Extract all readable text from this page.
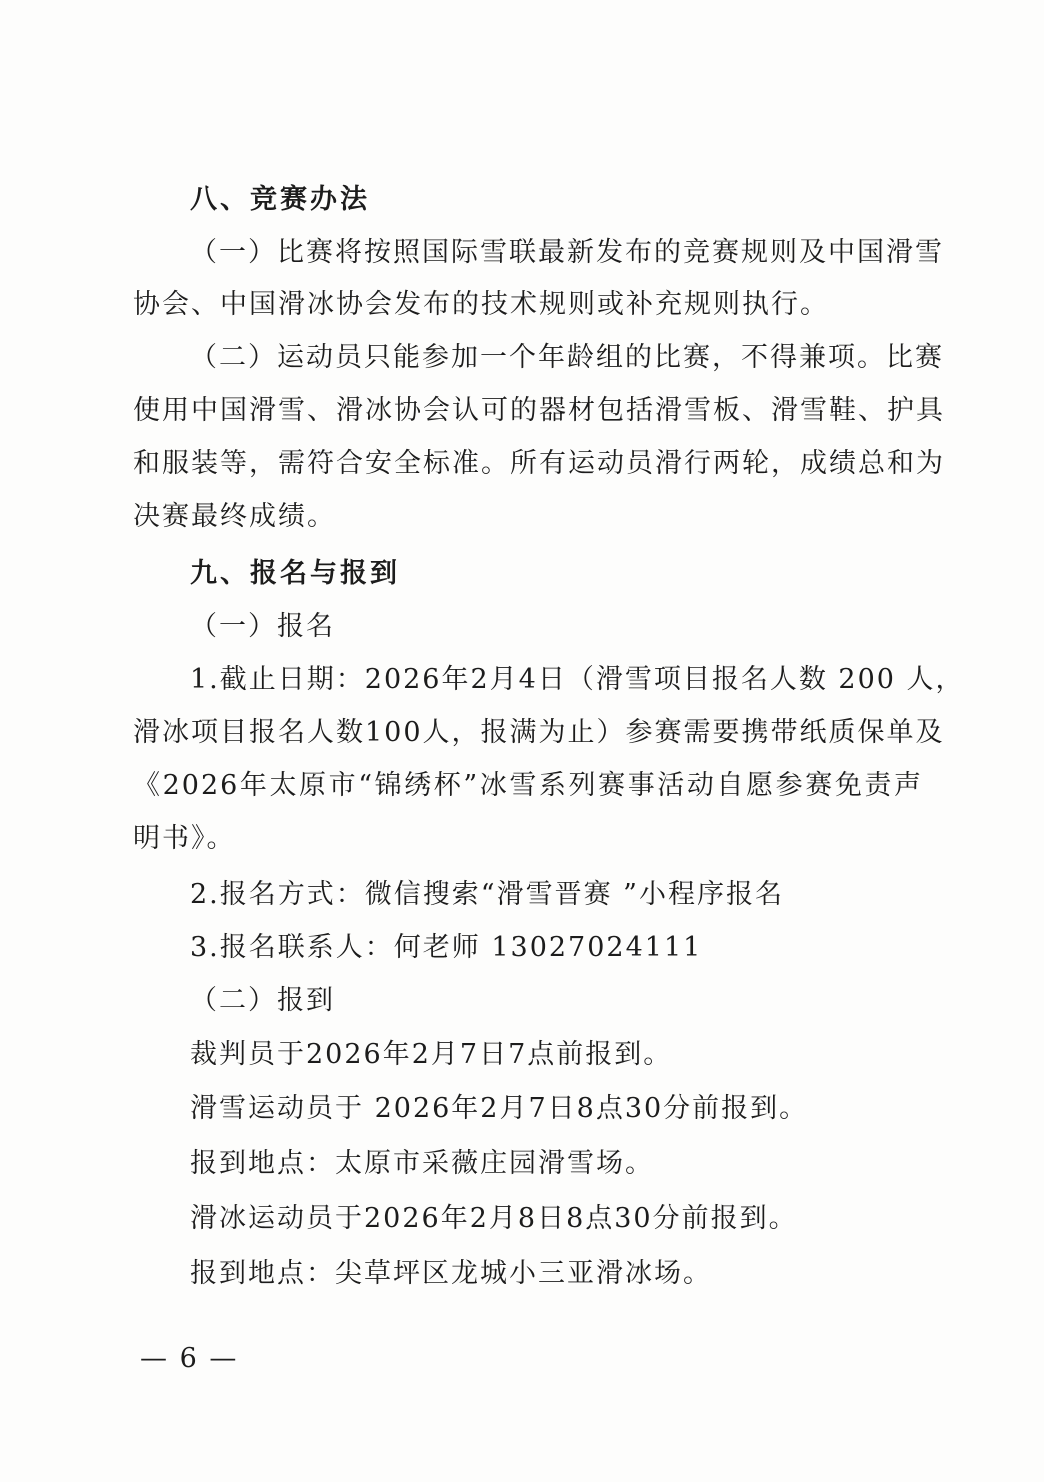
八、竞赛办法
（一）比赛将按照国际雪联最新发布的竞赛规则及中国滑雪
协会、中国滑冰协会发布的技术规则或补充规则执行。
（二）运动员只能参加一个年龄组的比赛，不得兼项。比赛
使用中国滑雪、滑冰协会认可的器材包括滑雪板、滑雪鞋、护具
和服装等，需符合安全标准。所有运动员滑行两轮，成绩总和为
决赛最终成绩。
九、报名与报到
（一）报名
1.截止日期：2026年2月4日（滑雪项目报名人数 200 人，
滑冰项目报名人数100人，报满为止）参赛需要携带纸质保单及
《2026年太原市“锦绣杯”冰雪系列赛事活动自愿参赛免责声
明书》。
2.报名方式：微信搜索“滑雪晋赛 ”小程序报名
3.报名联系人：何老师 13027024111
（二）报到
裁判员于2026年2月7日7点前报到。
滑雪运动员于 2026年2月7日8点30分前报到。
报到地点：太原市采薇庄园滑雪场。
滑冰运动员于2026年2月8日8点30分前报到。
报到地点：尖草坪区龙城小三亚滑冰场。
— 6 —
